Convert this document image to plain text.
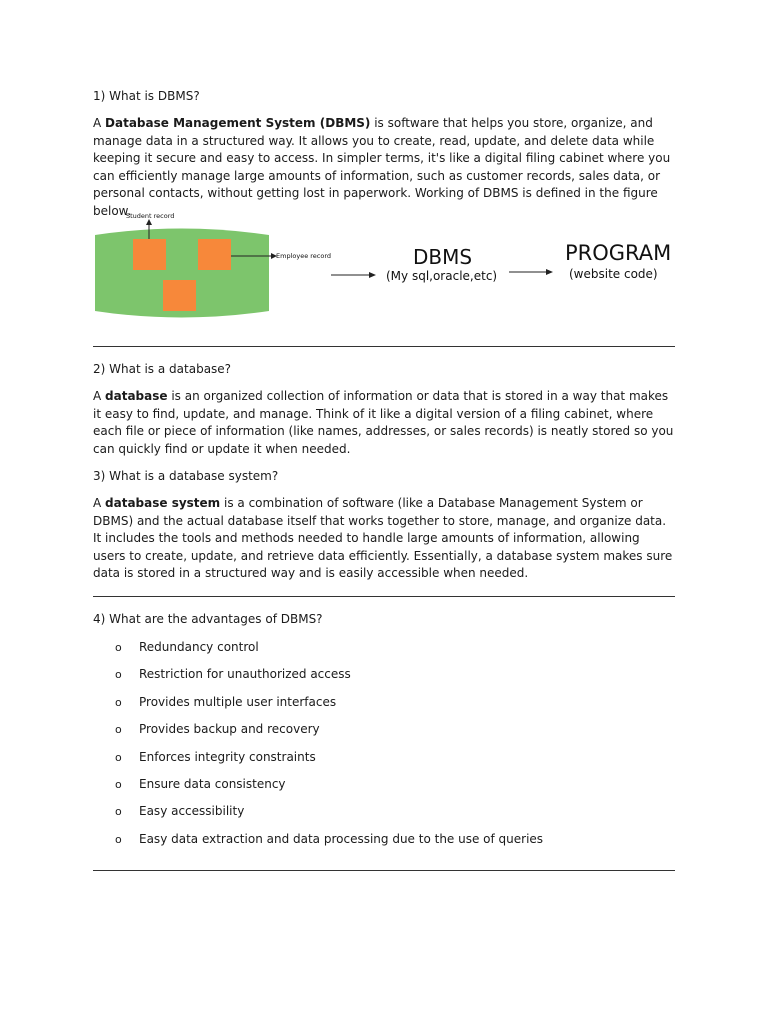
1) What is DBMS?

A Database Management System (DBMS) is software that helps you store, organize, and manage data in a structured way. It allows you to create, read, update, and delete data while keeping it secure and easy to access. In simpler terms, it's like a digital filing cabinet where you can efficiently manage large amounts of information, such as customer records, sales data, or personal contacts, without getting lost in paperwork. Working of DBMS is defined in the figure below.

Student record
Employee record	DBMS
(My sql,oracle,etc)
PROGRAM
(website code)

2) What is a database?

A database is an organized collection of information or data that is stored in a way that makes it easy to find, update, and manage. Think of it like a digital version of a filing cabinet, where each file or piece of information (like names, addresses, or sales records) is neatly stored so you can quickly find or update it when needed.

3) What is a database system?

A database system is a combination of software (like a Database Management System or DBMS) and the actual database itself that works together to store, manage, and organize data. It includes the tools and methods needed to handle large amounts of information, allowing users to create, update, and retrieve data efficiently. Essentially, a database system makes sure data is stored in a structured way and is easily accessible when needed.

4) What are the advantages of DBMS?

o Redundancy control
o Restriction for unauthorized access
o Provides multiple user interfaces
o Provides backup and recovery
o Enforces integrity constraints
o Ensure data consistency
o Easy accessibility
o Easy data extraction and data processing due to the use of queries
